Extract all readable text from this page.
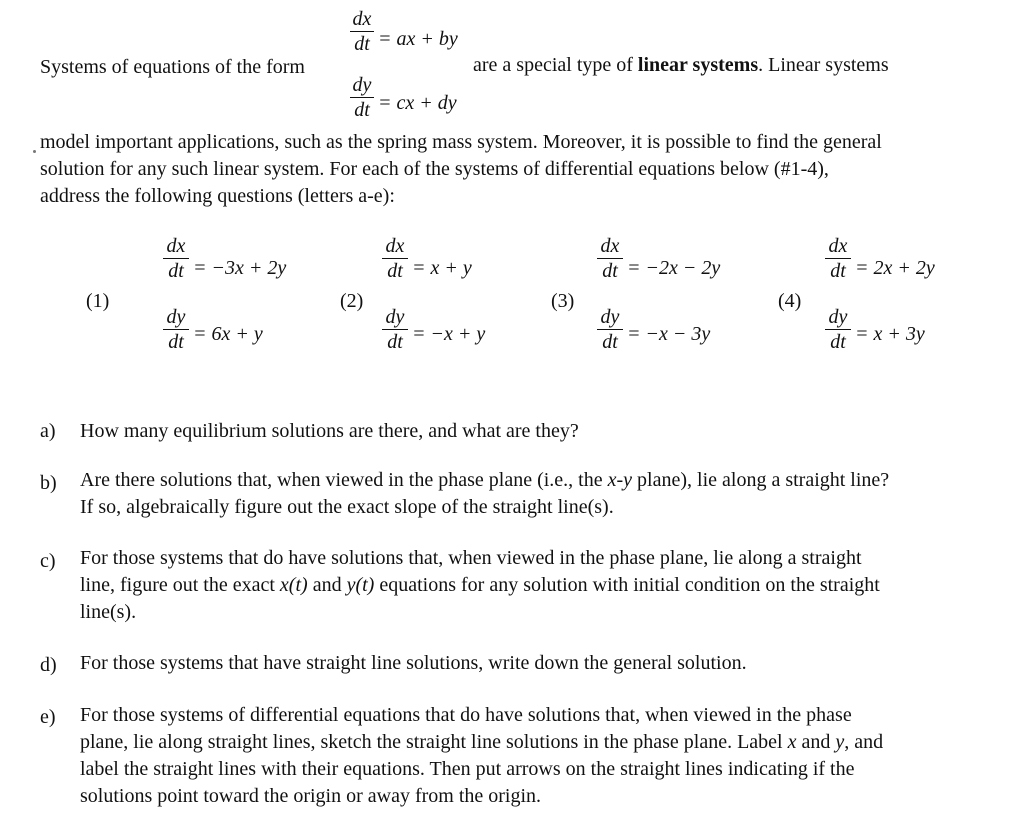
Systems of equations of the form
dx
dt = ax + by
dy
dt = cx + dy
are a special type of linear systems. Linear systems
model important applications, such as the spring mass system. Moreover, it is possible to find the general
solution for any such linear system. For each of the systems of differential equations below (#1-4),
address the following questions (letters a-e):
(1)
dx
dt = −3x + 2y
dy
dt = 6x + y
(2)
dx
dt = x + y
dy
dt = −x + y
(3)
dx
dt = −2x − 2y
dy
dt = −x − 3y
(4)
dx
dt = 2x + 2y
dy
dt = x + 3y
a) How many equilibrium solutions are there, and what are they?
b) Are there solutions that, when viewed in the phase plane (i.e., the x-y plane), lie along a straight line?
If so, algebraically figure out the exact slope of the straight line(s).
c) For those systems that do have solutions that, when viewed in the phase plane, lie along a straight
line, figure out the exact x(t) and y(t) equations for any solution with initial condition on the straight
line(s).
d) For those systems that have straight line solutions, write down the general solution.
e) For those systems of differential equations that do have solutions that, when viewed in the phase
plane, lie along straight lines, sketch the straight line solutions in the phase plane. Label x and y, and
label the straight lines with their equations. Then put arrows on the straight lines indicating if the
solutions point toward the origin or away from the origin.
